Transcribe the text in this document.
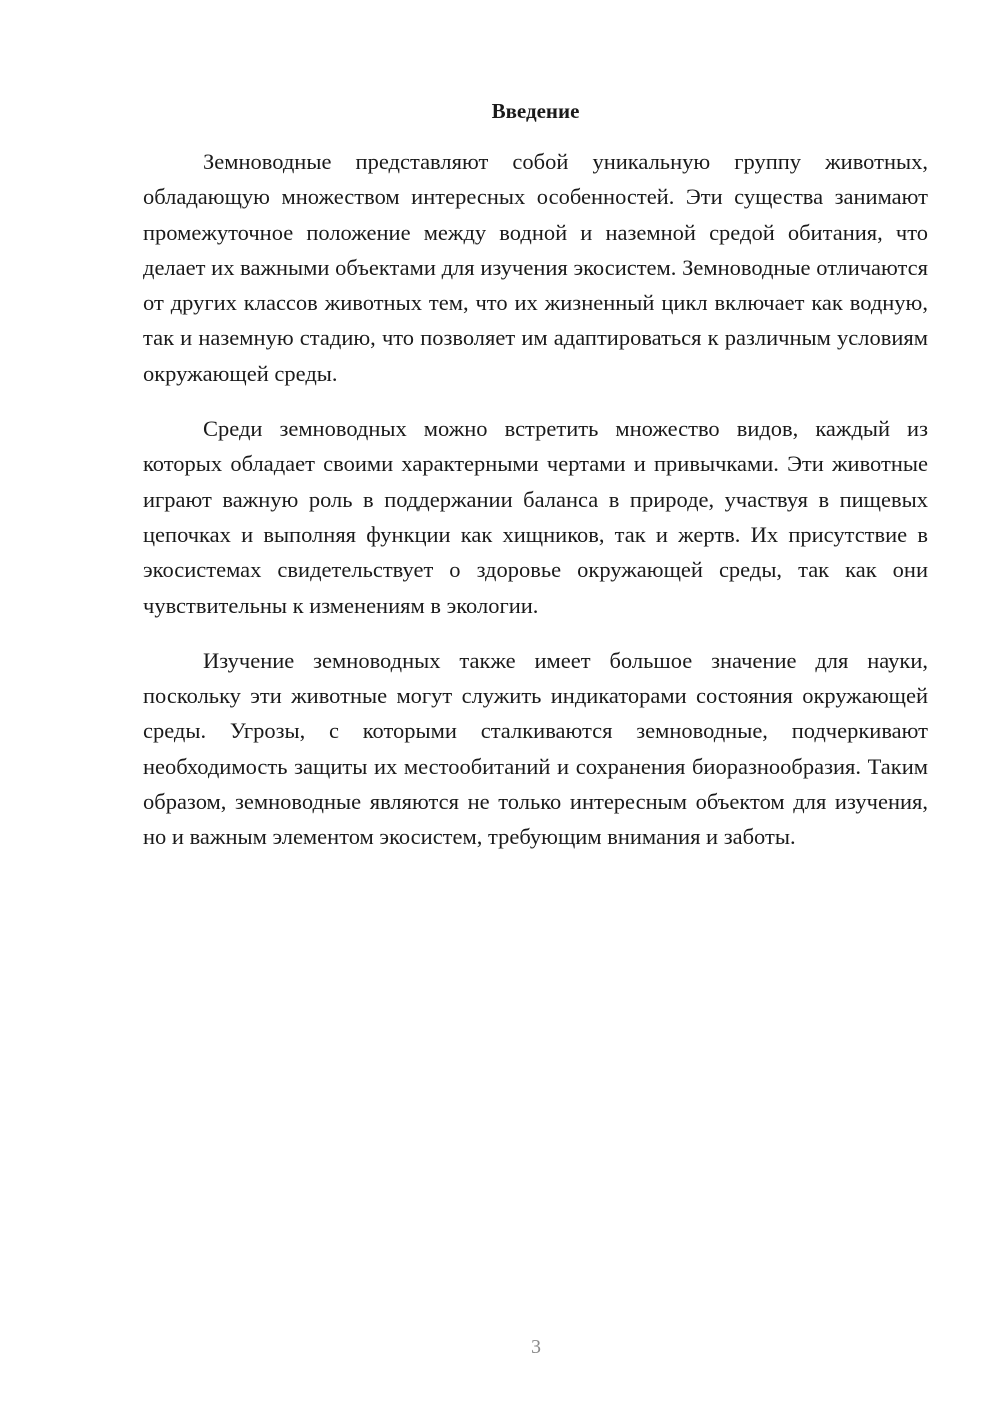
Введение

Земноводные представляют собой уникальную группу животных, обладающую множеством интересных особенностей. Эти существа занимают промежуточное положение между водной и наземной средой обитания, что делает их важными объектами для изучения экосистем. Земноводные отличаются от других классов животных тем, что их жизненный цикл включает как водную, так и наземную стадию, что позволяет им адаптироваться к различным условиям окружающей среды.

Среди земноводных можно встретить множество видов, каждый из которых обладает своими характерными чертами и привычками. Эти животные играют важную роль в поддержании баланса в природе, участвуя в пищевых цепочках и выполняя функции как хищников, так и жертв. Их присутствие в экосистемах свидетельствует о здоровье окружающей среды, так как они чувствительны к изменениям в экологии.

Изучение земноводных также имеет большое значение для науки, поскольку эти животные могут служить индикаторами состояния окружающей среды. Угрозы, с которыми сталкиваются земноводные, подчеркивают необходимость защиты их местообитаний и сохранения биоразнообразия. Таким образом, земноводные являются не только интересным объектом для изучения, но и важным элементом экосистем, требующим внимания и заботы.

3
